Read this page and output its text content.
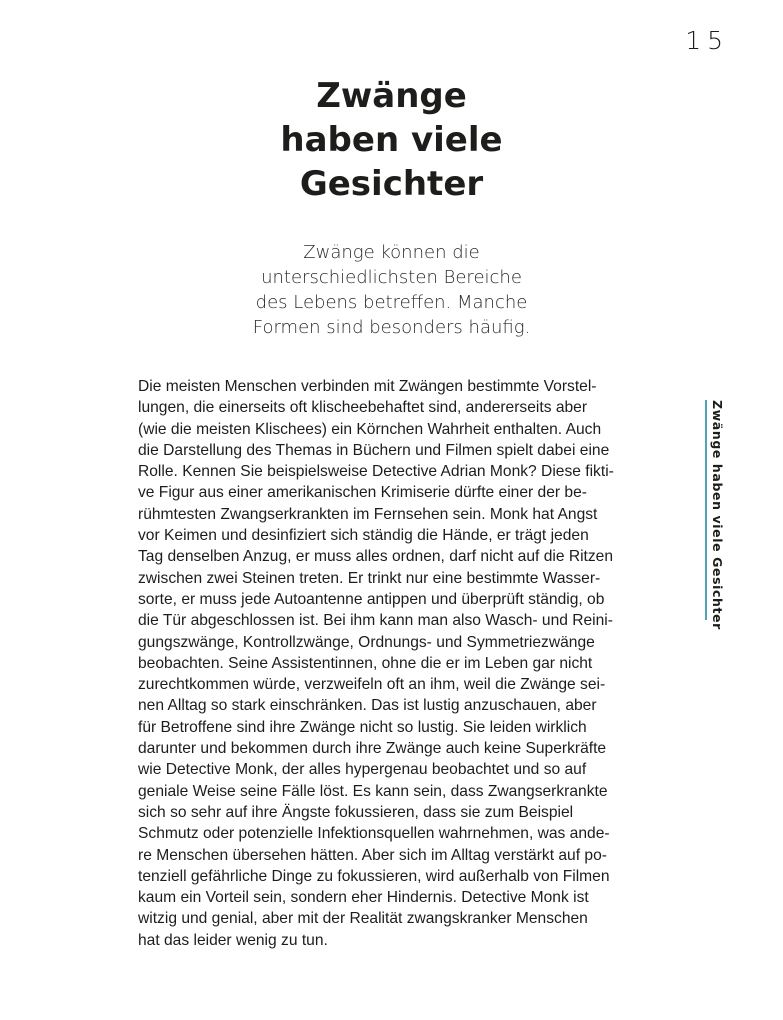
15
Zwänge
haben viele
Gesichter
Zwänge können die
unterschiedlichsten Bereiche
des Lebens betreffen. Manche
Formen sind besonders häufig.
Die meisten Menschen verbinden mit Zwängen bestimmte Vorstel-
lungen, die einerseits oft klischeebehaftet sind, andererseits aber
(wie die meisten Klischees) ein Körnchen Wahrheit enthalten. Auch
die Darstellung des Themas in Büchern und Filmen spielt dabei eine
Rolle. Kennen Sie beispielsweise Detective Adrian Monk? Diese fikti-
ve Figur aus einer amerikanischen Krimiserie dürfte einer der be-
rühmtesten Zwangserkrankten im Fernsehen sein. Monk hat Angst
vor Keimen und desinfiziert sich ständig die Hände, er trägt jeden
Tag denselben Anzug, er muss alles ordnen, darf nicht auf die Ritzen
zwischen zwei Steinen treten. Er trinkt nur eine bestimmte Wasser-
sorte, er muss jede Autoantenne antippen und überprüft ständig, ob
die Tür abgeschlossen ist. Bei ihm kann man also Wasch- und Reini-
gungszwänge, Kontrollzwänge, Ordnungs- und Symmetriezwänge
beobachten. Seine Assistentinnen, ohne die er im Leben gar nicht
zurechtkommen würde, verzweifeln oft an ihm, weil die Zwänge sei-
nen Alltag so stark einschränken. Das ist lustig anzuschauen, aber
für Betroffene sind ihre Zwänge nicht so lustig. Sie leiden wirklich
darunter und bekommen durch ihre Zwänge auch keine Superkräfte
wie Detective Monk, der alles hypergenau beobachtet und so auf
geniale Weise seine Fälle löst. Es kann sein, dass Zwangserkrankte
sich so sehr auf ihre Ängste fokussieren, dass sie zum Beispiel
Schmutz oder potenzielle Infektionsquellen wahrnehmen, was ande-
re Menschen übersehen hätten. Aber sich im Alltag verstärkt auf po-
tenziell gefährliche Dinge zu fokussieren, wird außerhalb von Filmen
kaum ein Vorteil sein, sondern eher Hindernis. Detective Monk ist
witzig und genial, aber mit der Realität zwangskranker Menschen
hat das leider wenig zu tun.
Zwänge haben viele Gesichter
